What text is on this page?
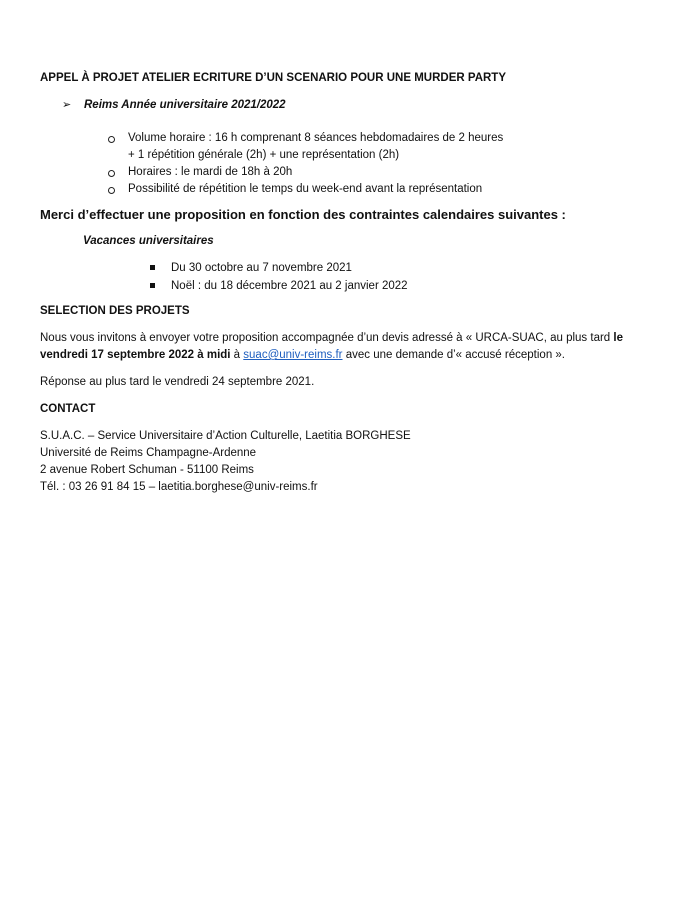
APPEL À PROJET ATELIER ECRITURE D’UN SCENARIO POUR UNE MURDER PARTY
➢	Reims Année universitaire 2021/2022
Volume horaire : 16 h comprenant 8 séances hebdomadaires de 2 heures
+ 1 répétition générale (2h) + une représentation (2h)
Horaires : le mardi de 18h à 20h
Possibilité de répétition le temps du week-end avant la représentation
Merci d’effectuer une proposition en fonction des contraintes calendaires suivantes :
Vacances universitaires
Du 30 octobre au 7 novembre 2021
Noël : du 18 décembre 2021 au 2 janvier 2022
SELECTION DES PROJETS

Nous vous invitons à envoyer votre proposition accompagnée d’un devis adressé à « URCA-SUAC, au plus tard le vendredi 17 septembre 2022 à midi à suac@univ-reims.fr avec une demande d’« accusé réception ».

Réponse au plus tard le vendredi 24 septembre 2021.

CONTACT
S.U.A.C. – Service Universitaire d’Action Culturelle, Laetitia BORGHESE
Université de Reims Champagne-Ardenne
2 avenue Robert Schuman - 51100 Reims
Tél. : 03 26 91 84 15 – laetitia.borghese@univ-reims.fr
